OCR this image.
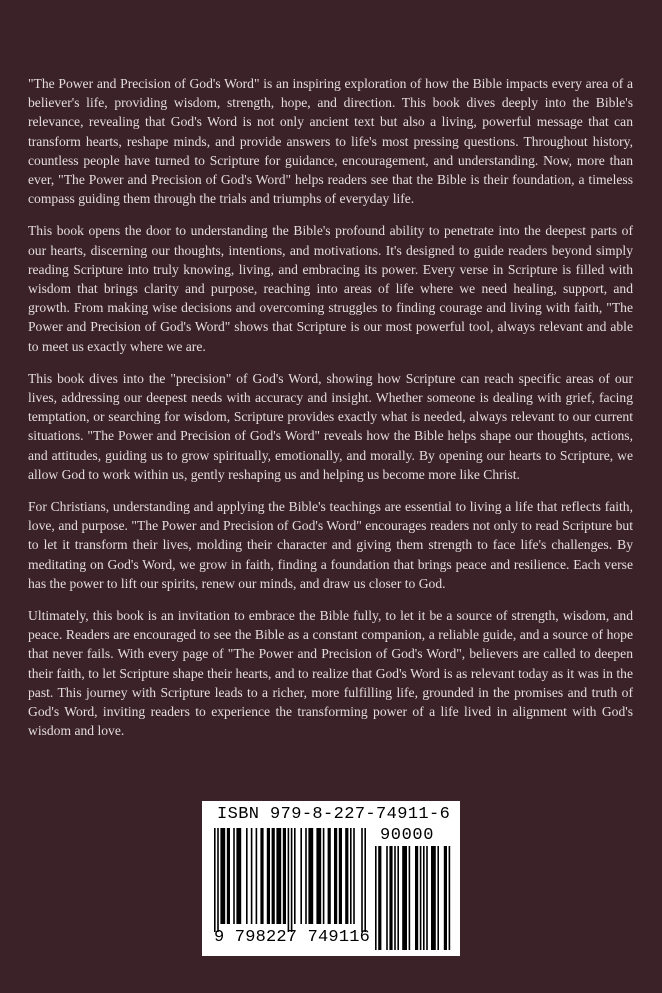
"The Power and Precision of God's Word" is an inspiring exploration of how the Bible impacts every area of a believer's life, providing wisdom, strength, hope, and direction. This book dives deeply into the Bible's relevance, revealing that God's Word is not only ancient text but also a living, powerful message that can transform hearts, reshape minds, and provide answers to life's most pressing questions. Throughout history, countless people have turned to Scripture for guidance, encouragement, and understanding. Now, more than ever, "The Power and Precision of God's Word" helps readers see that the Bible is their foundation, a timeless compass guiding them through the trials and triumphs of everyday life.

This book opens the door to understanding the Bible's profound ability to penetrate into the deepest parts of our hearts, discerning our thoughts, intentions, and motivations. It's designed to guide readers beyond simply reading Scripture into truly knowing, living, and embracing its power. Every verse in Scripture is filled with wisdom that brings clarity and purpose, reaching into areas of life where we need healing, support, and growth. From making wise decisions and overcoming struggles to finding courage and living with faith, "The Power and Precision of God's Word" shows that Scripture is our most powerful tool, always relevant and able to meet us exactly where we are.

This book dives into the "precision" of God's Word, showing how Scripture can reach specific areas of our lives, addressing our deepest needs with accuracy and insight. Whether someone is dealing with grief, facing temptation, or searching for wisdom, Scripture provides exactly what is needed, always relevant to our current situations. "The Power and Precision of God's Word" reveals how the Bible helps shape our thoughts, actions, and attitudes, guiding us to grow spiritually, emotionally, and morally. By opening our hearts to Scripture, we allow God to work within us, gently reshaping us and helping us become more like Christ.

For Christians, understanding and applying the Bible's teachings are essential to living a life that reflects faith, love, and purpose. "The Power and Precision of God's Word" encourages readers not only to read Scripture but to let it transform their lives, molding their character and giving them strength to face life's challenges. By meditating on God's Word, we grow in faith, finding a foundation that brings peace and resilience. Each verse has the power to lift our spirits, renew our minds, and draw us closer to God.

Ultimately, this book is an invitation to embrace the Bible fully, to let it be a source of strength, wisdom, and peace. Readers are encouraged to see the Bible as a constant companion, a reliable guide, and a source of hope that never fails. With every page of "The Power and Precision of God's Word", believers are called to deepen their faith, to let Scripture shape their hearts, and to realize that God's Word is as relevant today as it was in the past. This journey with Scripture leads to a richer, more fulfilling life, grounded in the promises and truth of God's Word, inviting readers to experience the transforming power of a life lived in alignment with God's wisdom and love.

ISBN 979-8-227-74911-6
90000
9 798227 749116
